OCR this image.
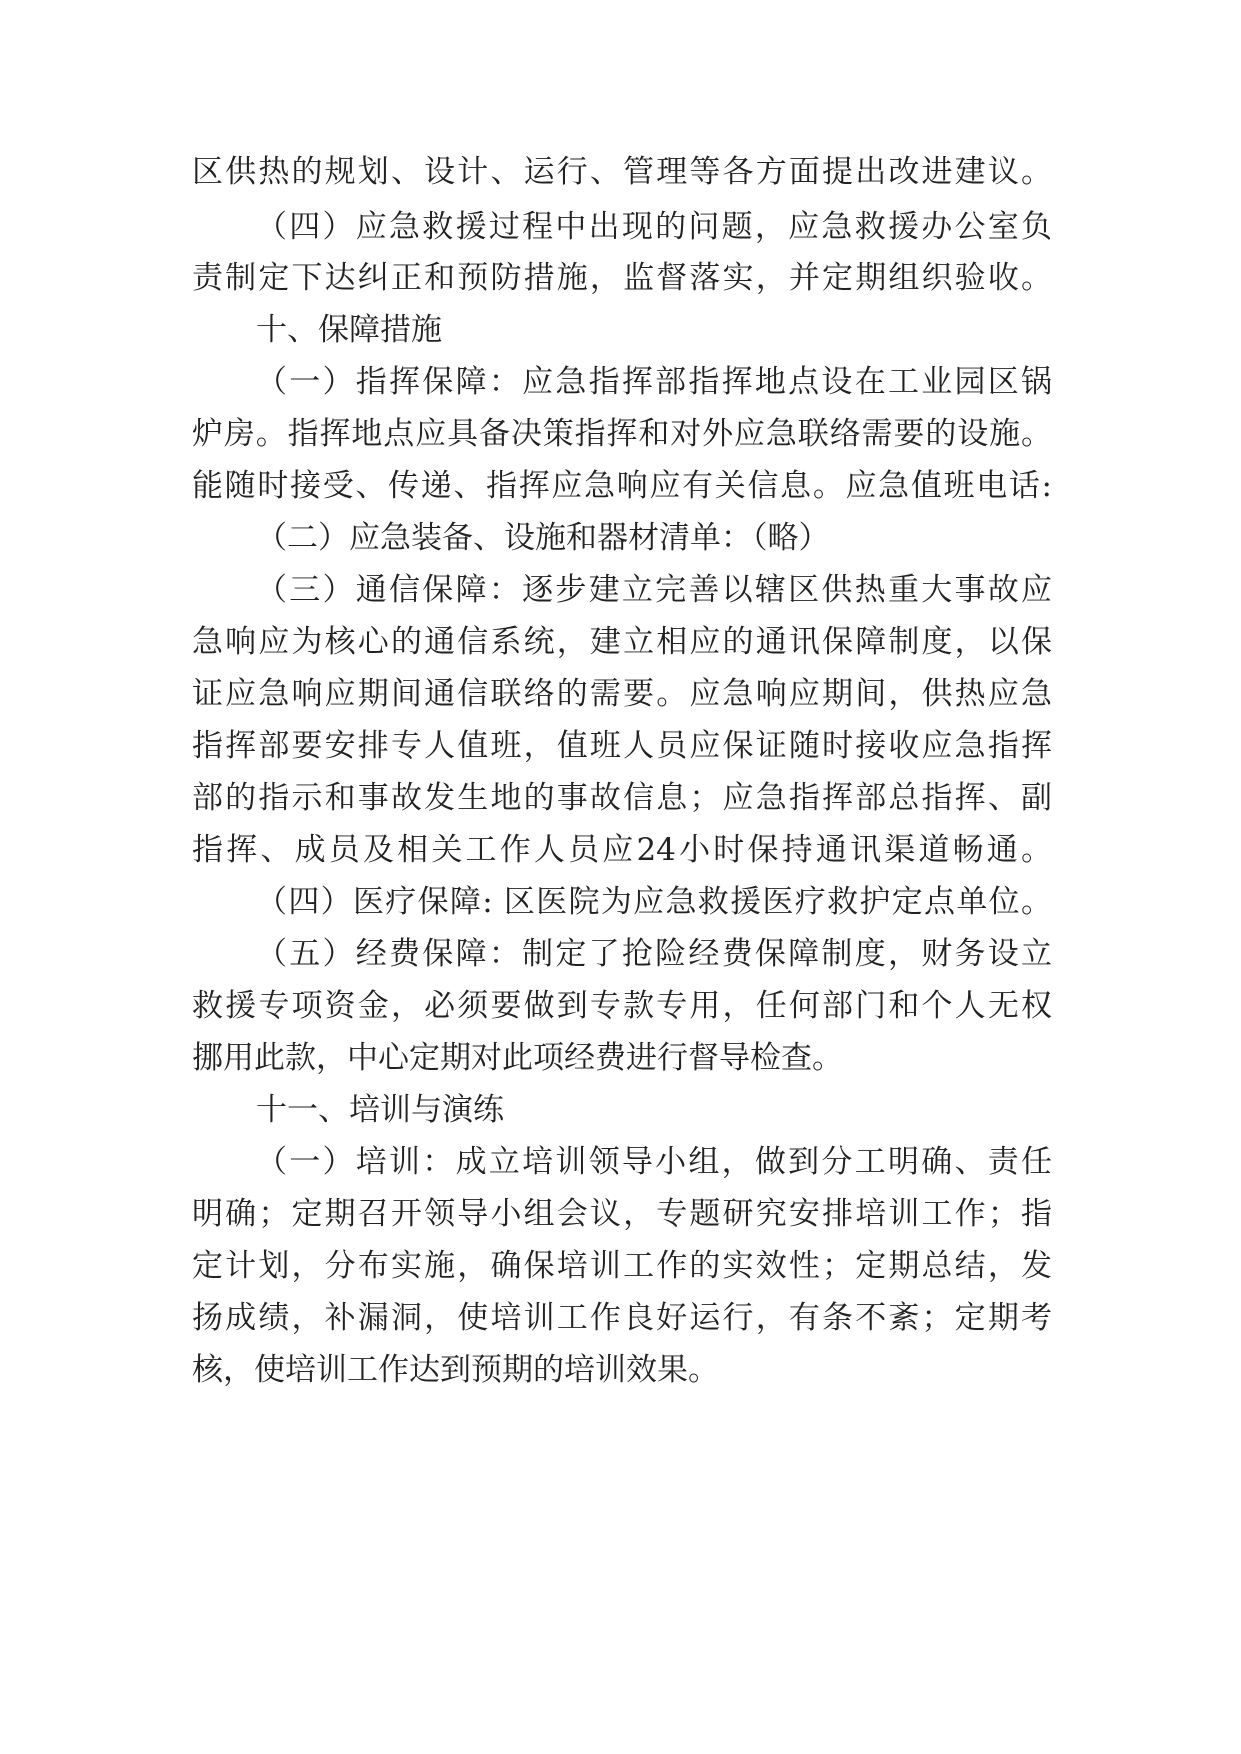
区供热的规划、设计、运行、管理等各方面提出改进建议。
（四）应急救援过程中出现的问题，应急救援办公室负
责制定下达纠正和预防措施，监督落实，并定期组织验收。
十、保障措施
（一）指挥保障：应急指挥部指挥地点设在工业园区锅
炉房。指挥地点应具备决策指挥和对外应急联络需要的设施。
能随时接受、传递、指挥应急响应有关信息。应急值班电话:
（二）应急装备、设施和器材清单：（略）
（三）通信保障：逐步建立完善以辖区供热重大事故应
急响应为核心的通信系统，建立相应的通讯保障制度，以保
证应急响应期间通信联络的需要。应急响应期间，供热应急
指挥部要安排专人值班，值班人员应保证随时接收应急指挥
部的指示和事故发生地的事故信息；应急指挥部总指挥、副
指挥、成员及相关工作人员应24小时保持通讯渠道畅通。
（四）医疗保障: 区医院为应急救援医疗救护定点单位。
（五）经费保障：制定了抢险经费保障制度，财务设立
救援专项资金，必须要做到专款专用，任何部门和个人无权
挪用此款，中心定期对此项经费进行督导检查。
十一、培训与演练
（一）培训：成立培训领导小组，做到分工明确、责任
明确；定期召开领导小组会议，专题研究安排培训工作；指
定计划，分布实施，确保培训工作的实效性；定期总结，发
扬成绩，补漏洞，使培训工作良好运行，有条不紊；定期考
核，使培训工作达到预期的培训效果。
